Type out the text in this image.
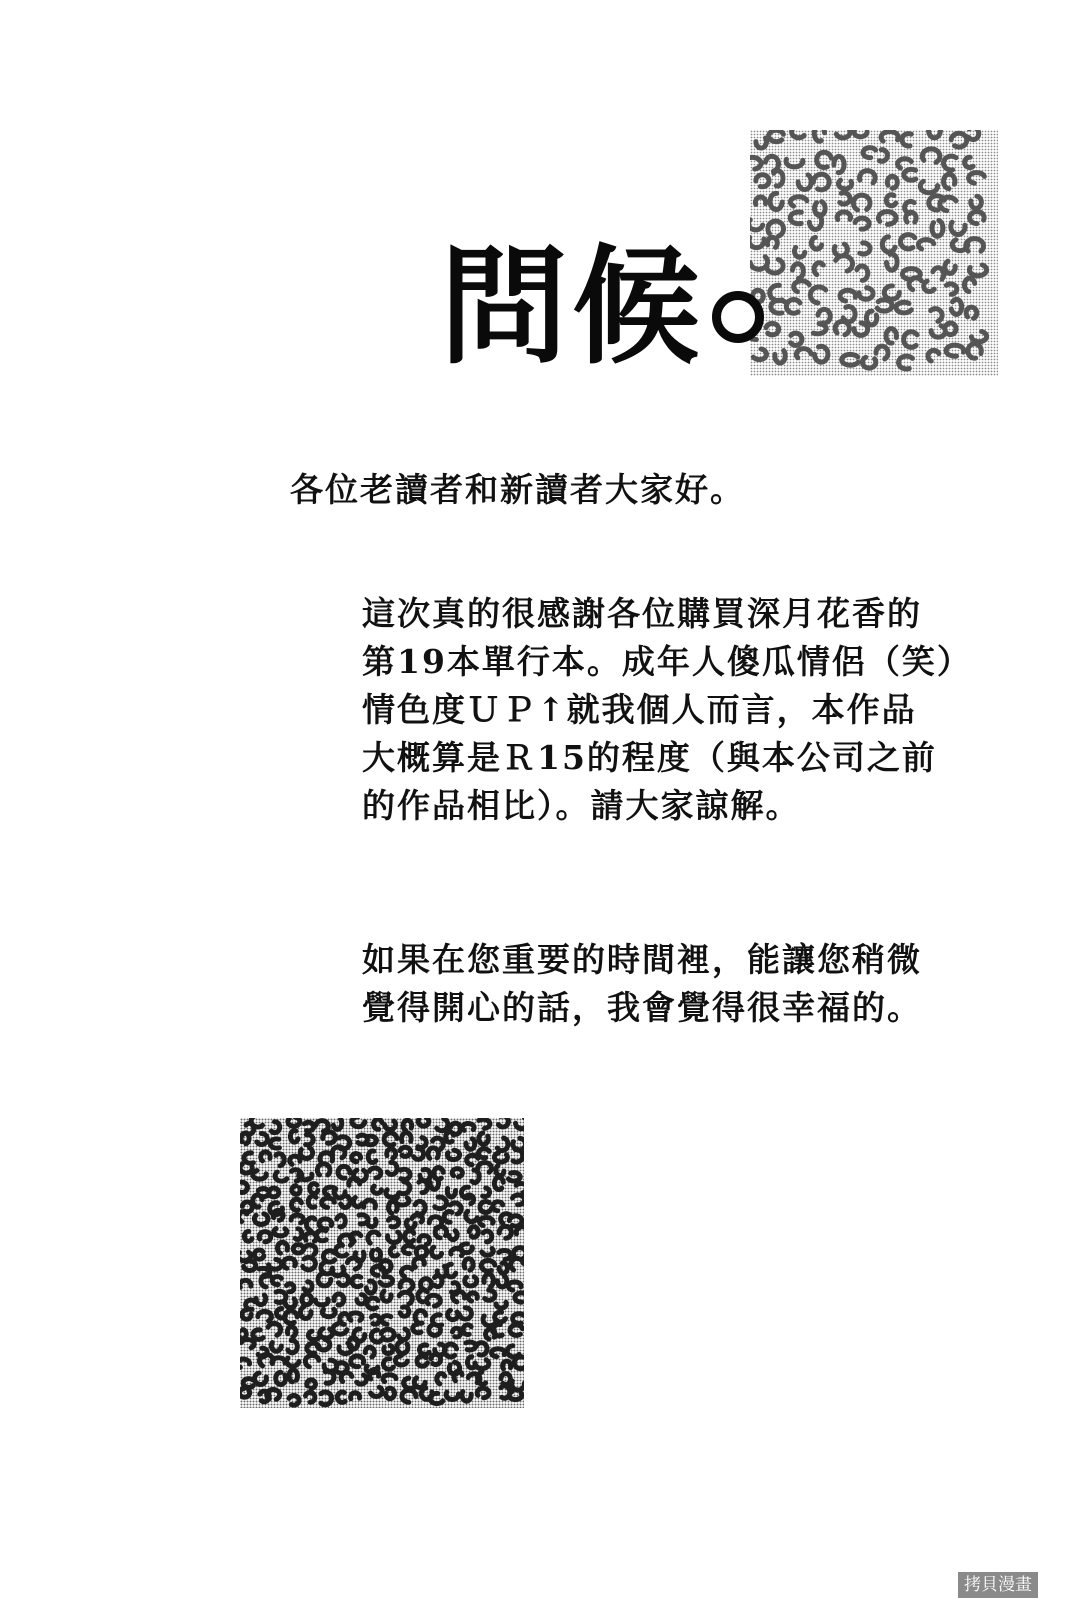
問候
各位老讀者和新讀者大家好。
這次真的很感謝各位購買深月花香的
第19本單行本。成年人傻瓜情侶（笑）
情色度ＵＰ↑就我個人而言，本作品
大概算是Ｒ15的程度（與本公司之前
的作品相比）。請大家諒解。
如果在您重要的時間裡，能讓您稍微
覺得開心的話，我會覺得很幸福的。
拷貝漫畫
